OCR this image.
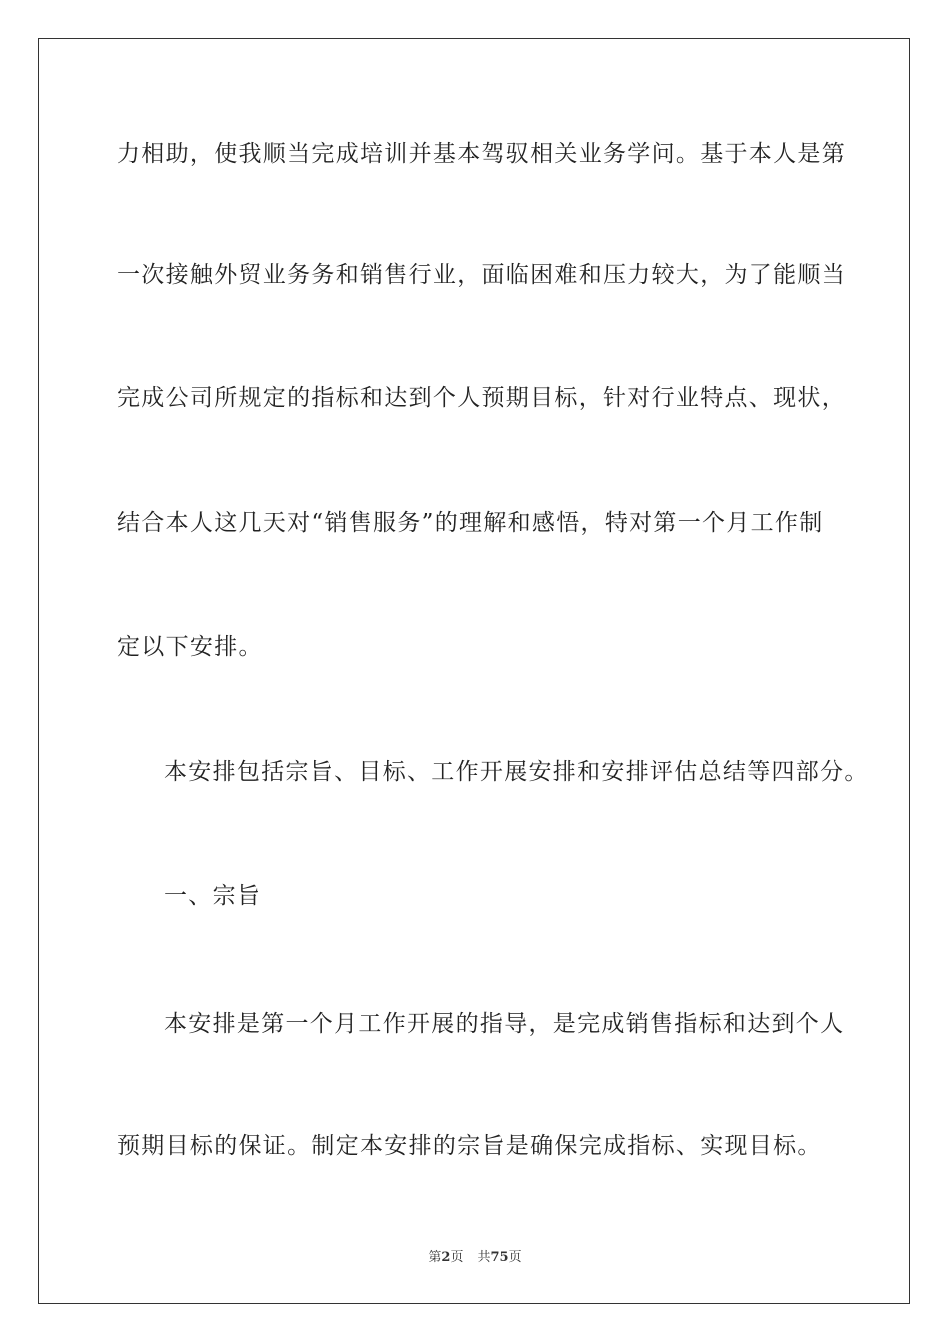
力相助，使我顺当完成培训并基本驾驭相关业务学问。基于本人是第
一次接触外贸业务务和销售行业，面临困难和压力较大，为了能顺当
完成公司所规定的指标和达到个人预期目标，针对行业特点、现状，
结合本人这几天对“销售服务”的理解和感悟，特对第一个月工作制
定以下安排。
本安排包括宗旨、目标、工作开展安排和安排评估总结等四部分。
一、宗旨
本安排是第一个月工作开展的指导，是完成销售指标和达到个人
预期目标的保证。制定本安排的宗旨是确保完成指标、实现目标。
第2页 共75页
